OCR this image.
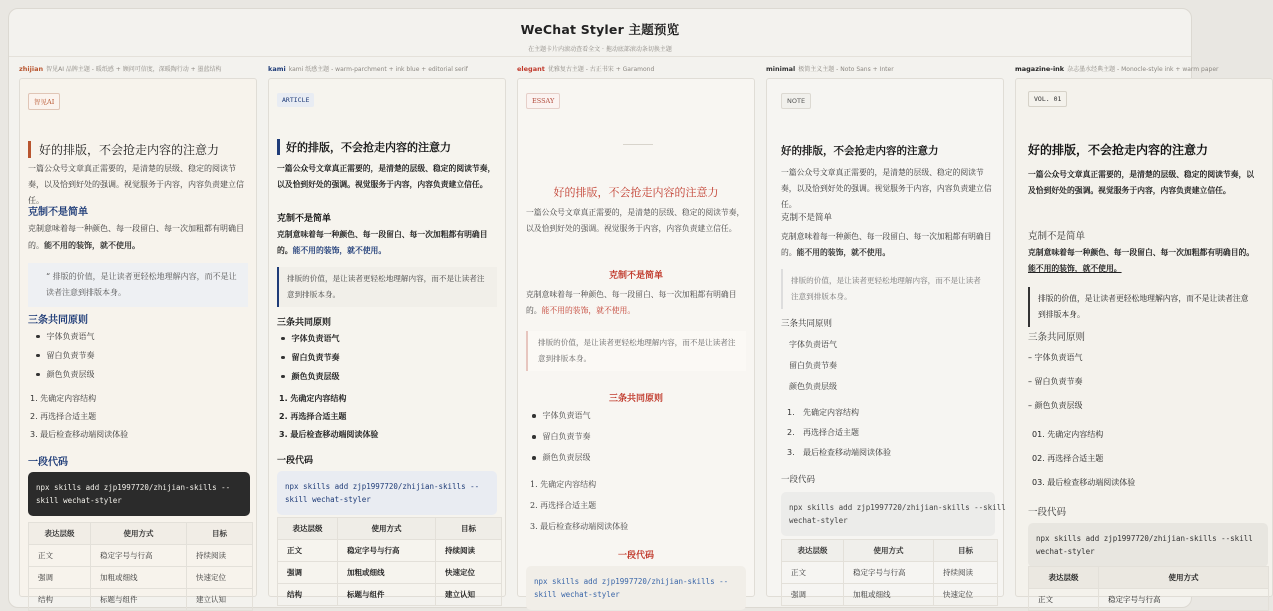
WeChat Styler 主题预览

在主题卡片内滚动查看全文 · 拖动底部滚动条切换主题

zhijian 智见AI 品牌主题 - 暖纸感 + 顾问可信度，深暖陶行动 + 墨蓝结构
智见AI
好的排版，不会抢走内容的注意力
一篇公众号文章真正需要的，是清楚的层级、稳定的阅读节奏，以及恰到好处的强调。视觉服务于内容，内容负责建立信任。
克制不是简单
克制意味着每一种颜色、每一段留白、每一次加粗都有明确目的。能不用的装饰，就不使用。
“ 排版的价值，是让读者更轻松地理解内容，而不是让读者注意到排版本身。
三条共同原则
字体负责语气
留白负责节奏
颜色负责层级
1. 先确定内容结构
2. 再选择合适主题
3. 最后检查移动端阅读体验
一段代码
npx skills add zjp1997720/zhijian-skills --
skill wechat-styler
表达层级	使用方式	目标
正文	稳定字号与行高	持续阅读
强调	加粗或细线	快速定位
结构	标题与组件	建立认知
kami kami 纸感主题 - warm-parchment + ink blue + editorial serif
ARTICLE
好的排版，不会抢走内容的注意力
一篇公众号文章真正需要的，是清楚的层级、稳定的阅读节奏，以及恰到好处的强调。视觉服务于内容，内容负责建立信任。
克制不是简单
克制意味着每一种颜色、每一段留白、每一次加粗都有明确目的。能不用的装饰，就不使用。
排版的价值，是让读者更轻松地理解内容，而不是让读者注意到排版本身。
三条共同原则
字体负责语气
留白负责节奏
颜色负责层级
1. 先确定内容结构
2. 再选择合适主题
3. 最后检查移动端阅读体验
一段代码
npx skills add zjp1997720/zhijian-skills --
skill wechat-styler
表达层级	使用方式	目标
正文	稳定字号与行高	持续阅读
强调	加粗或细线	快速定位
结构	标题与组件	建立认知
elegant 优雅复古主题 - 古正书宋 + Garamond
ESSAY
好的排版，不会抢走内容的注意力
一篇公众号文章真正需要的，是清楚的层级、稳定的阅读节奏，以及恰到好处的强调。视觉服务于内容，内容负责建立信任。
克制不是简单
克制意味着每一种颜色、每一段留白、每一次加粗都有明确目的。能不用的装饰，就不使用。
排版的价值，是让读者更轻松地理解内容，而不是让读者注意到排版本身。
三条共同原则
字体负责语气
留白负责节奏
颜色负责层级
1. 先确定内容结构
2. 再选择合适主题
3. 最后检查移动端阅读体验
一段代码
npx skills add zjp1997720/zhijian-skills --
skill wechat-styler
minimal 极简主义主题 - Noto Sans + Inter
NOTE
好的排版，不会抢走内容的注意力
一篇公众号文章真正需要的，是清楚的层级、稳定的阅读节奏，以及恰到好处的强调。视觉服务于内容，内容负责建立信任。
克制不是简单
克制意味着每一种颜色、每一段留白、每一次加粗都有明确目的。能不用的装饰，就不使用。
排版的价值，是让读者更轻松地理解内容，而不是让读者注意到排版本身。
三条共同原则
字体负责语气
留白负责节奏
颜色负责层级
1. 先确定内容结构
2. 再选择合适主题
3. 最后检查移动端阅读体验
一段代码
npx skills add zjp1997720/zhijian-skills --skill
wechat-styler
表达层级	使用方式	目标
正文	稳定字号与行高	持续阅读
强调	加粗或细线	快速定位
magazine-ink 杂志墨水经典主题 - Monocle-style ink + warm paper
VOL. 01
好的排版，不会抢走内容的注意力
一篇公众号文章真正需要的，是清楚的层级、稳定的阅读节奏，以及恰到好处的强调。视觉服务于内容，内容负责建立信任。
克制不是简单
克制意味着每一种颜色、每一段留白、每一次加粗都有明确目的。能不用的装饰，就不使用。
排版的价值，是让读者更轻松地理解内容，而不是让读者注意到排版本身。
三条共同原则
– 字体负责语气
– 留白负责节奏
– 颜色负责层级
01. 先确定内容结构
02. 再选择合适主题
03. 最后检查移动端阅读体验
一段代码
npx skills add zjp1997720/zhijian-skills --skill
wechat-styler
表达层级	使用方式
正文	稳定字号与行高
